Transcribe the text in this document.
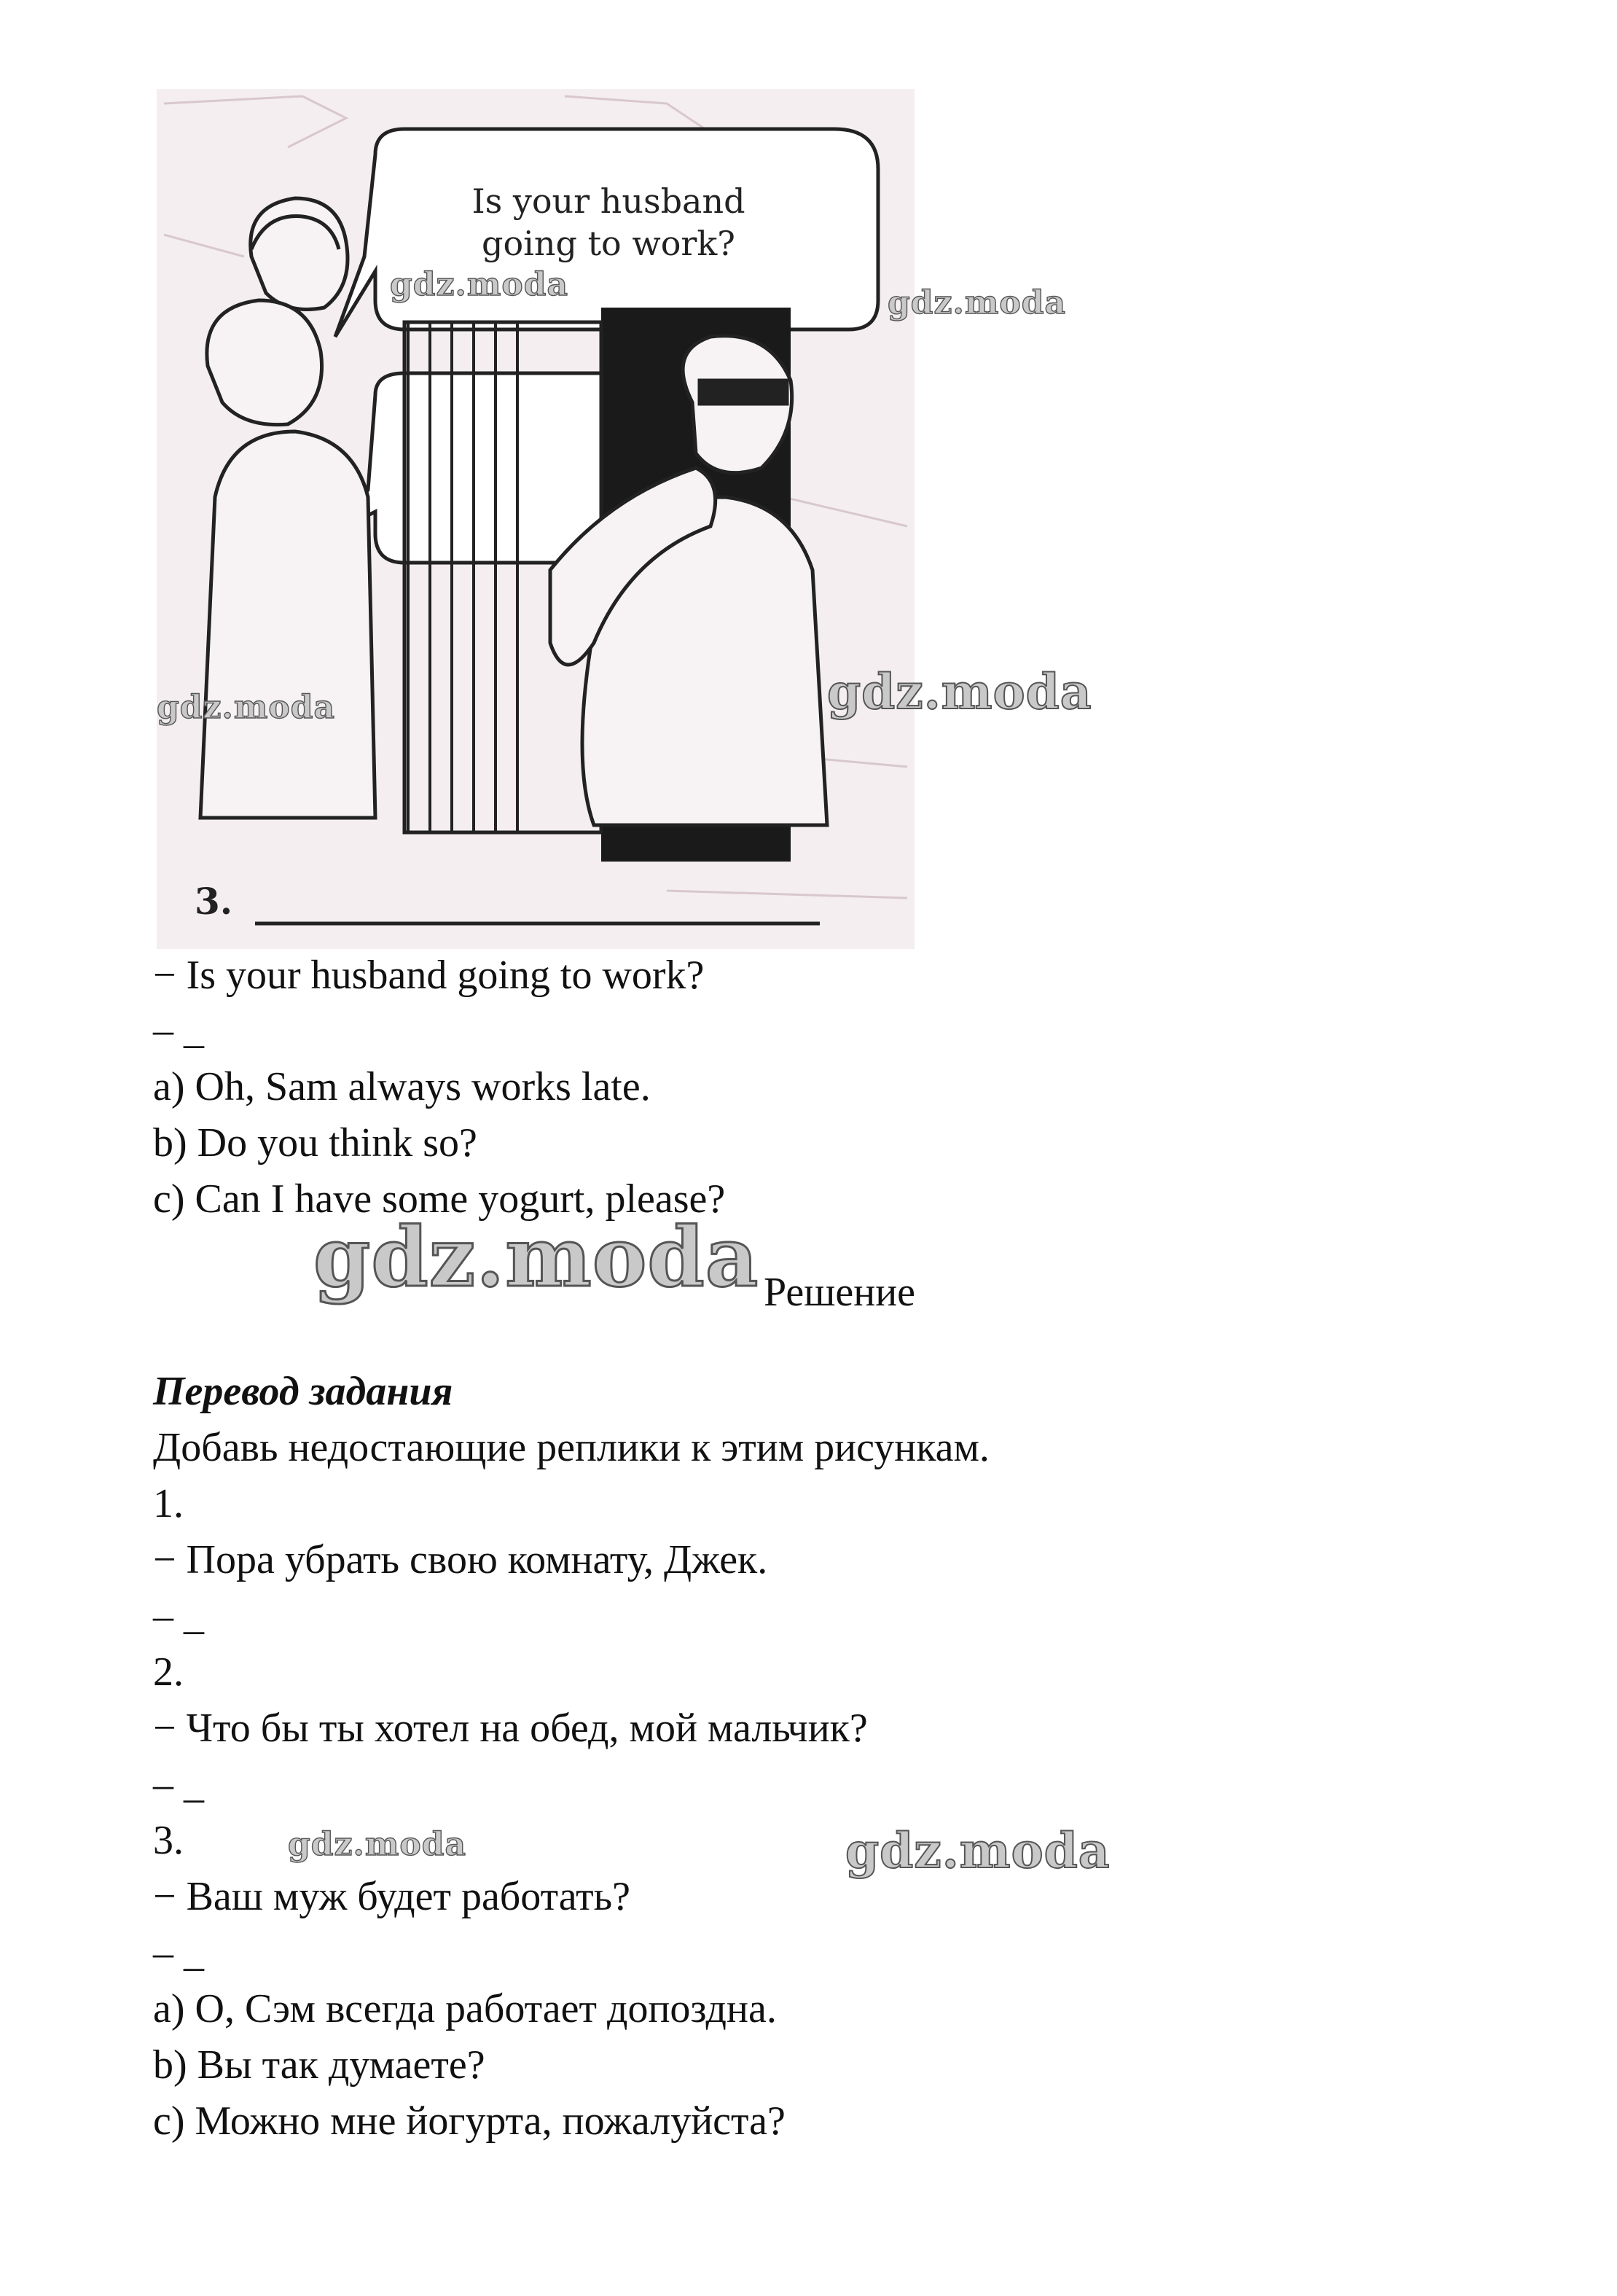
Is your husband going to work?
3.
gdz.moda	gdz.moda
gdz.moda	gdz.moda
gdz.moda
gdz.moda	gdz.moda
− Is your husband going to work?
– _
a) Oh, Sam always works late.
b) Do you think so?
c) Can I have some yogurt, please?
Решение
Перевод задания
Добавь недостающие реплики к этим рисункам.
1.
− Пора убрать свою комнату, Джек.
– _
2.
− Что бы ты хотел на обед, мой мальчик?
– _
3.
− Ваш муж будет работать?
– _
a) О, Сэм всегда работает допоздна.
b) Вы так думаете?
c) Можно мне йогурта, пожалуйста?
